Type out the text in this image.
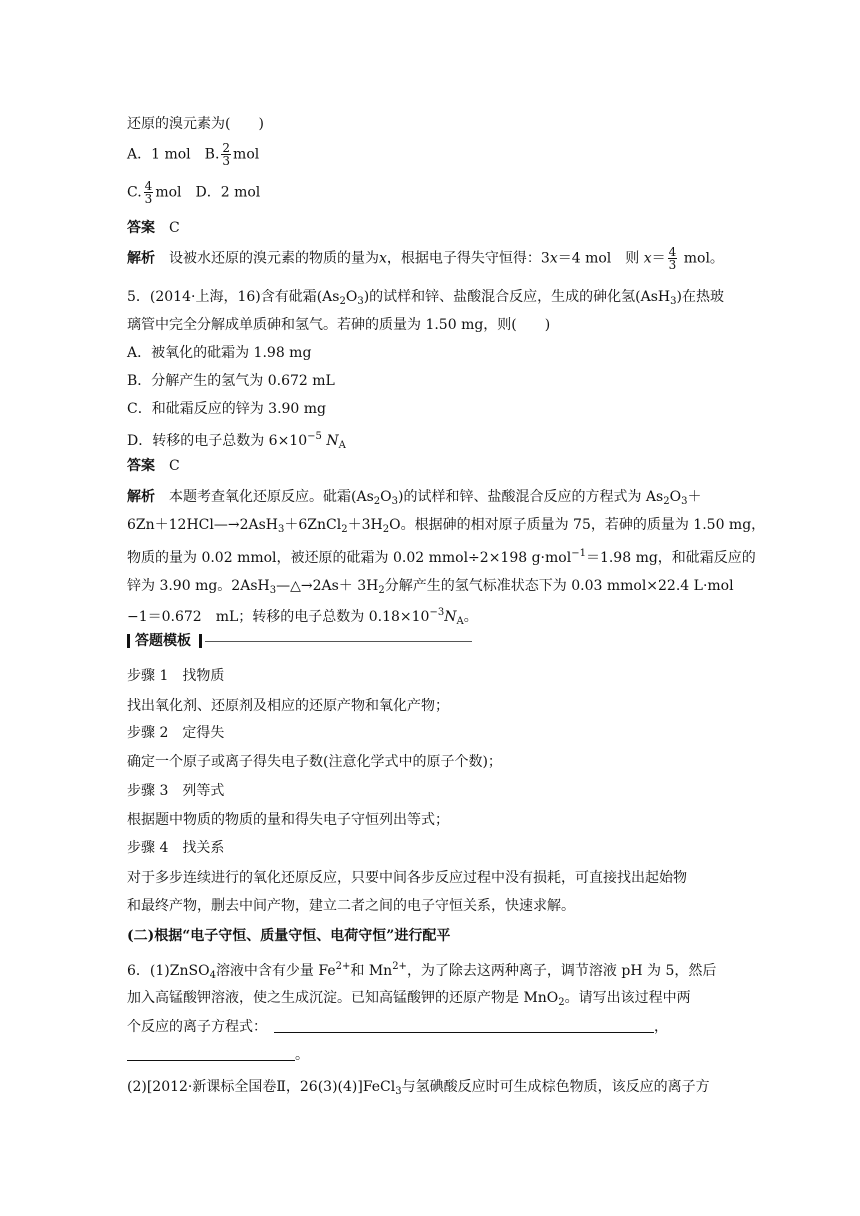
还原的溴元素为(　　)
A．1 mol　 B. $\frac{2}{3}$ mol
C. $\frac{4}{3}$ mol　 D．2 mol
答案　 C
解析　 设被水还原的溴元素的物质的量为x，根据电子得失守恒得：3x＝4 mol　则 $x= \frac{4}{3}$ mol。
5．(2014·上海，16)含有砒霜$(As_2O_3)$的试样和锌、盐酸混合反应，生成的砷化氢(AsH$_3$)在热玻
璃管中完全分解成单质砷和氢气。若砷的质量为 1.50 mg，则(　　)
A．被氧化的砒霜为 1.98 mg
B．分解产生的氢气为 0.672 mL
C．和砒霜反应的锌为 3.90 mg
D．转移的电子总数为 $6\times 10^{-5}$ $N_A$
答案　 C
解析　 本题考查氧化还原反应。砒霜$(As_2O_3)$的试样和锌、盐酸混合反应的方程式为 $As_2O_3+$
$6Zn+12HCl—\to 2AsH_3+6ZnCl_2+3H_2O$。根据砷的相对原子质量为 75，若砷的质量为 1.50 mg，
物质的量为 0.02 mmol，被还原的砒霜为 0.02 mmol÷2×198 g·mol$^{-1}$＝1.98 mg，和砒霜反应的
锌为 3.90 mg。2AsH$_3$—△→2As＋ $3H_2$分解产生的氢气标准状态下为 0.03 mmol×22.4 L·mol
−1＝0.672　mL；转移的电子总数为 $0.18\times 10^{-3}N_A$。
答题模板
步骤 1　找物质
找出氧化剂、还原剂及相应的还原产物和氧化产物；
步骤 2　定得失
确定一个原子或离子得失电子数(注意化学式中的原子个数)；
步骤 3　列等式
根据题中物质的物质的量和得失电子守恒列出等式；
步骤 4　找关系
对于多步连续进行的氧化还原反应，只要中间各步反应过程中没有损耗，可直接找出起始物
和最终产物，删去中间产物，建立二者之间的电子守恒关系，快速求解。
(二)根据“电子守恒、质量守恒、电荷守恒”进行配平
6．(1)ZnSO$_4$溶液中含有少量 $Fe^{2+}$和 $Mn^{2+}$，为了除去这两种离子，调节溶液 pH 为 5，然后
加入高锰酸钾溶液，使之生成沉淀。已知高锰酸钾的还原产物是 MnO$_2$。请写出该过程中两
个反应的离子方程式：　	，
。
(2)[2012·新课标全国卷Ⅱ，26(3)(4)]FeCl$_3$与氢碘酸反应时可生成棕色物质，该反应的离子方
